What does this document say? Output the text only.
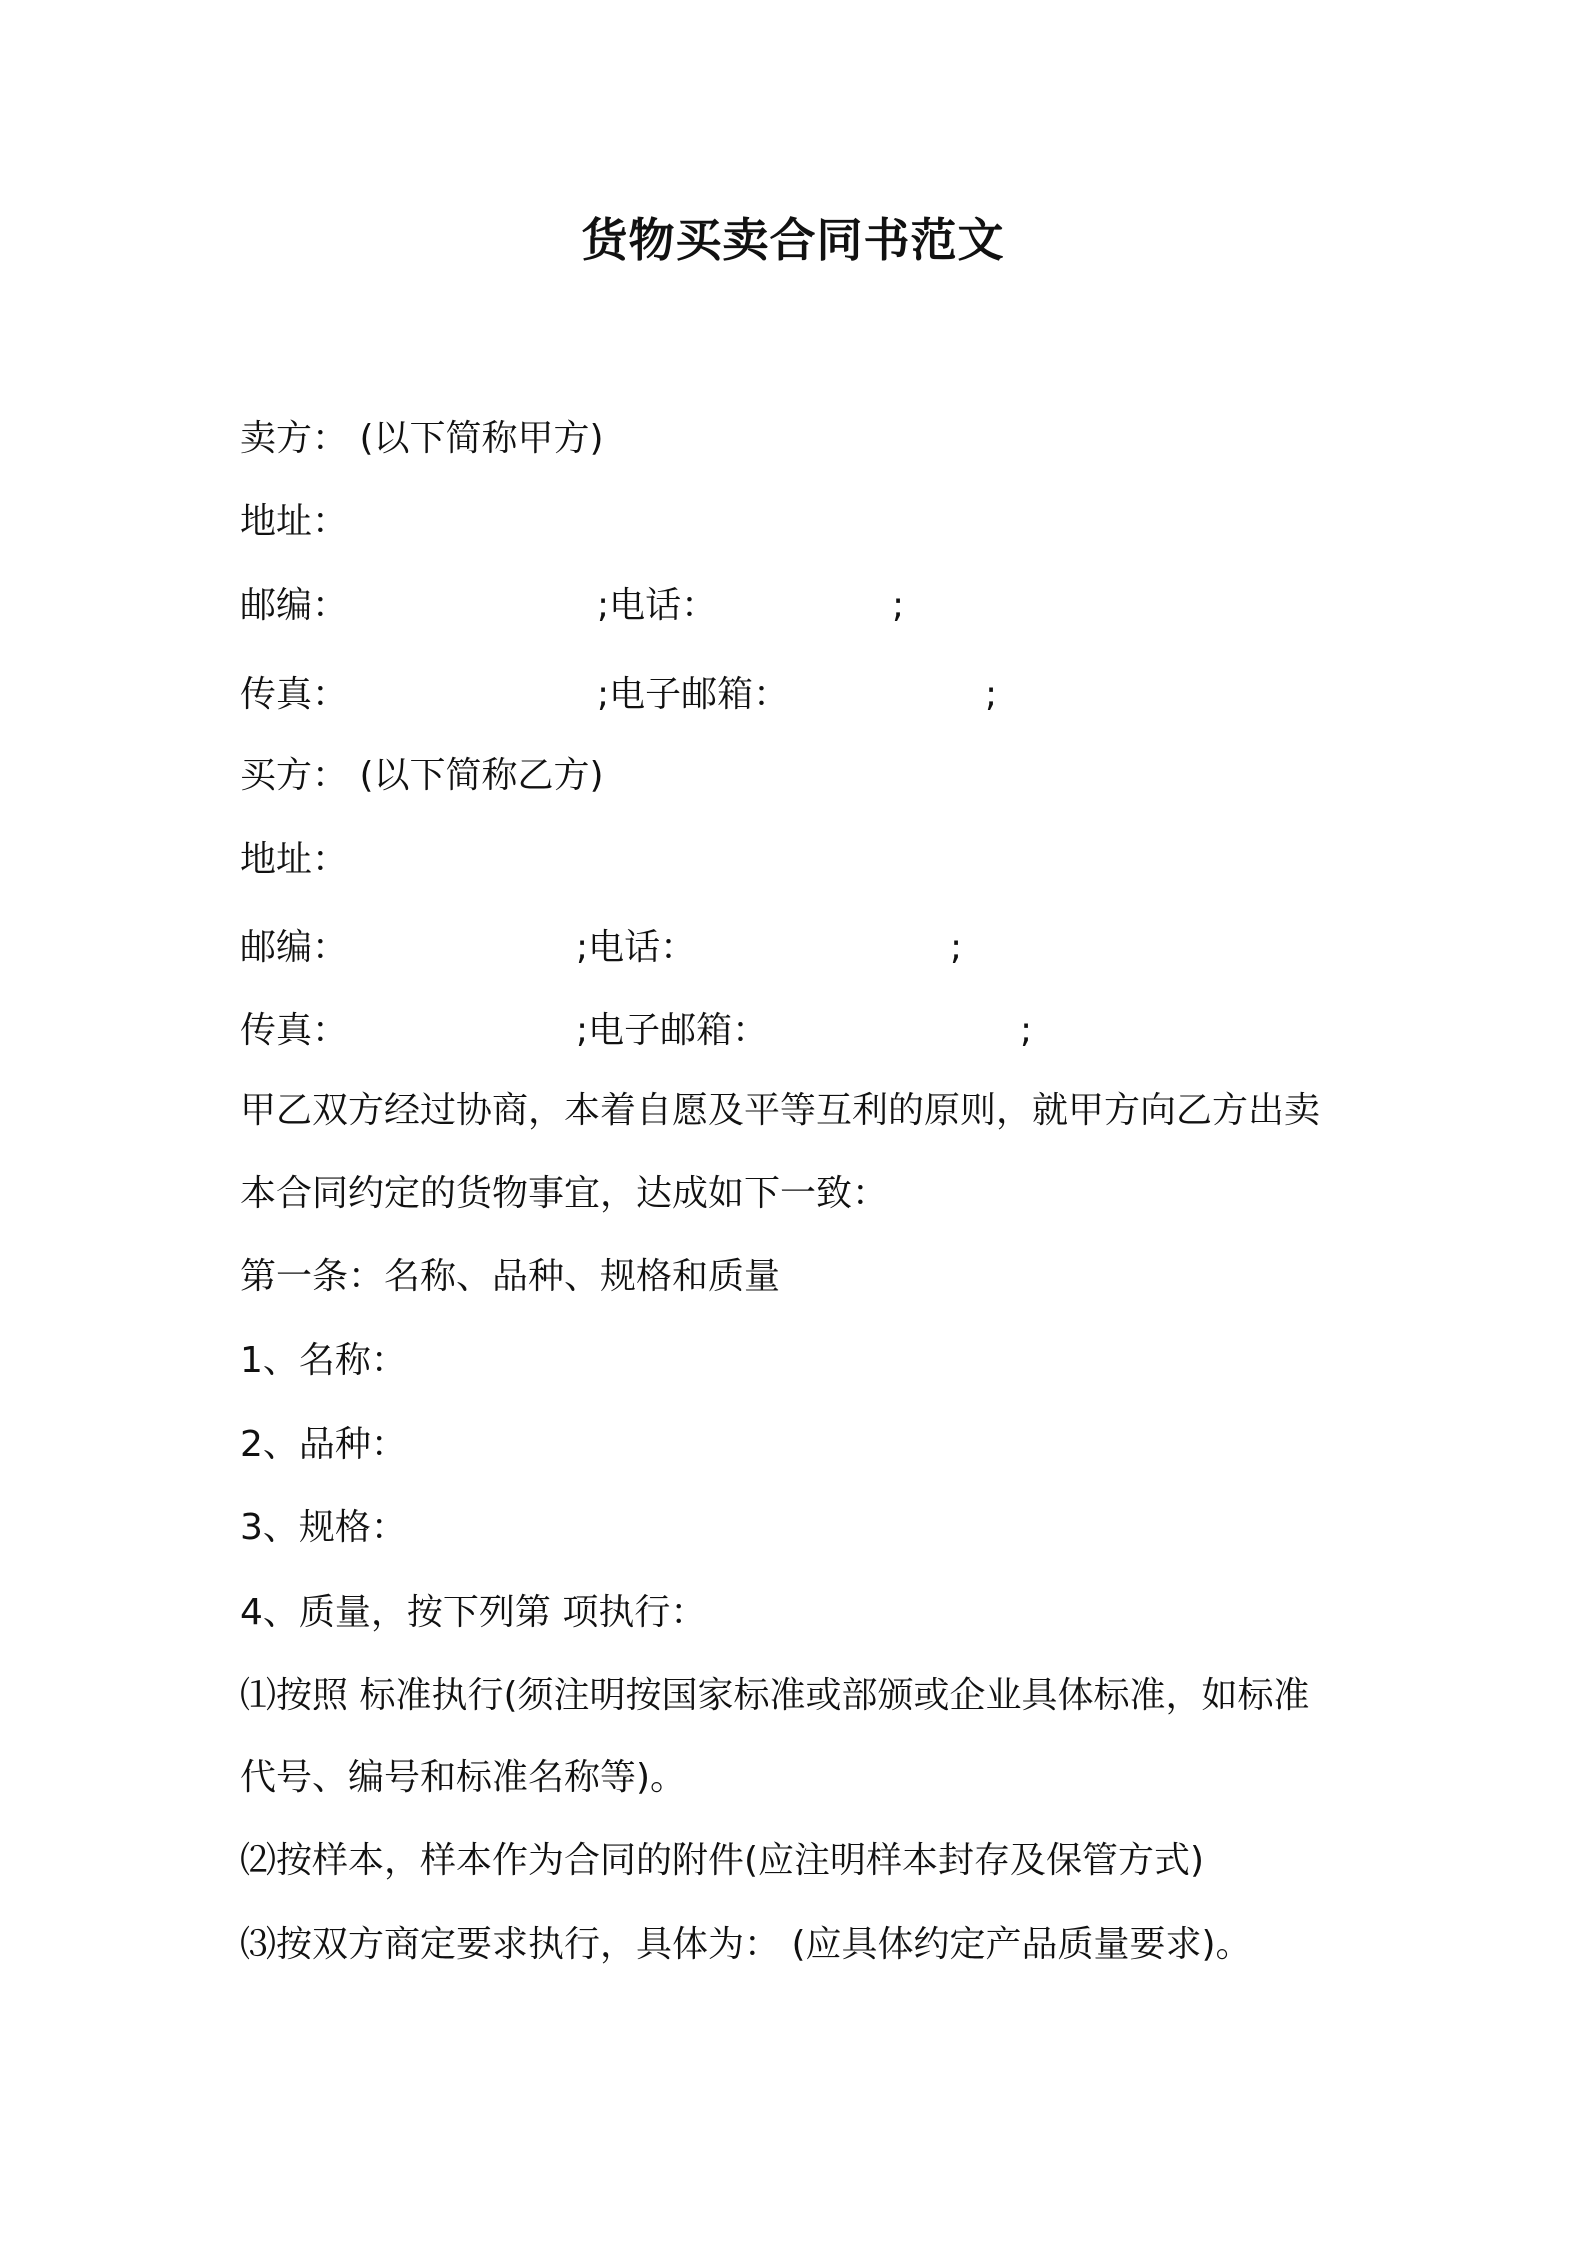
货物买卖合同书范文
卖方： (以下简称甲方)
地址：
邮编：	;电话：	;
传真：	;电子邮箱：	;
买方： (以下简称乙方)
地址：
邮编：	;电话：	;
传真：	;电子邮箱：	;
甲乙双方经过协商，本着自愿及平等互利的原则，就甲方向乙方出卖
本合同约定的货物事宜，达成如下一致：
第一条：名称、品种、规格和质量
1、名称：
2、品种：
3、规格：
4、质量，按下列第 项执行：
⑴按照 标准执行(须注明按国家标准或部颁或企业具体标准，如标准
代号、编号和标准名称等)。
⑵按样本，样本作为合同的附件(应注明样本封存及保管方式)
⑶按双方商定要求执行，具体为： (应具体约定产品质量要求)。
